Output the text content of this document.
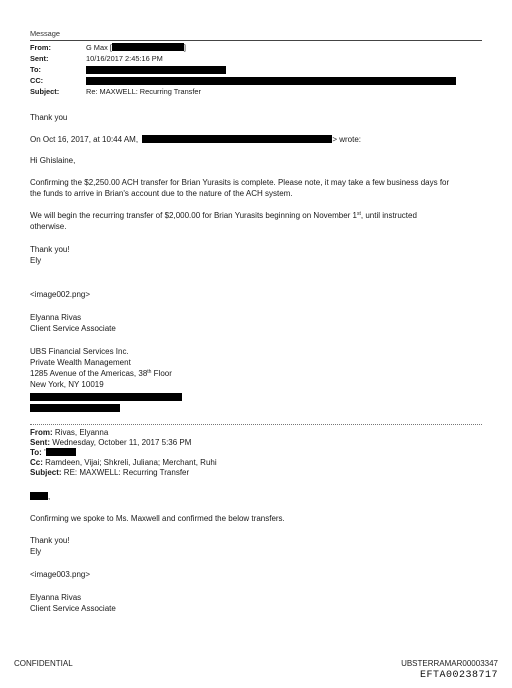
Message
From:	G Max [	]
Sent:	10/16/2017 2:45:16 PM
To:
CC:
Subject:	Re: MAXWELL: Recurring Transfer
Thank you
On Oct 16, 2017, at 10:44 AM,	> wrote:
Hi Ghislaine,
Confirming the $2,250.00 ACH transfer for Brian Yurasits is complete. Please note, it may take a few business days for
the funds to arrive in Brian's account due to the nature of the ACH system.
We will begin the recurring transfer of $2,000.00 for Brian Yurasits beginning on November 1st, until instructed
otherwise.
Thank you!
Ely
<image002.png>
Elyanna Rivas
Client Service Associate
UBS Financial Services Inc.
Private Wealth Management
1285 Avenue of the Americas, 38th Floor
New York, NY 10019
From: Rivas, Elyanna
Sent: Wednesday, October 11, 2017 5:36 PM
To:
Cc: Ramdeen, Vijai; Shkreli, Juliana; Merchant, Ruhi
Subject: RE: MAXWELL: Recurring Transfer
,
Confirming we spoke to Ms. Maxwell and confirmed the below transfers.
Thank you!
Ely
<image003.png>
Elyanna Rivas
Client Service Associate
CONFIDENTIAL	UBSTERRAMAR00003347
EFTA00238717
